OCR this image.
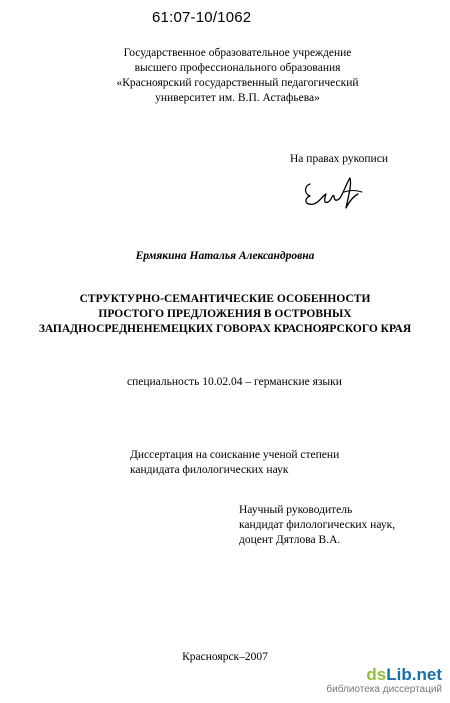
61:07-10/1062
Государственное образовательное учреждение
высшего профессионального образования
«Красноярский государственный педагогический
университет им. В.П. Астафьева»
На правах рукописи
Ермякина Наталья Александровна
СТРУКТУРНО-СЕМАНТИЧЕСКИЕ ОСОБЕННОСТИ
ПРОСТОГО ПРЕДЛОЖЕНИЯ В ОСТРОВНЫХ
ЗАПАДНОСРЕДНЕНЕМЕЦКИХ ГОВОРАХ КРАСНОЯРСКОГО КРАЯ
специальность 10.02.04 – германские языки
Диссертация на соискание ученой степени
кандидата филологических наук
Научный руководитель
кандидат филологических наук,
доцент Дятлова В.А.
Красноярск–2007
dsLib.net
библиотека диссертаций
